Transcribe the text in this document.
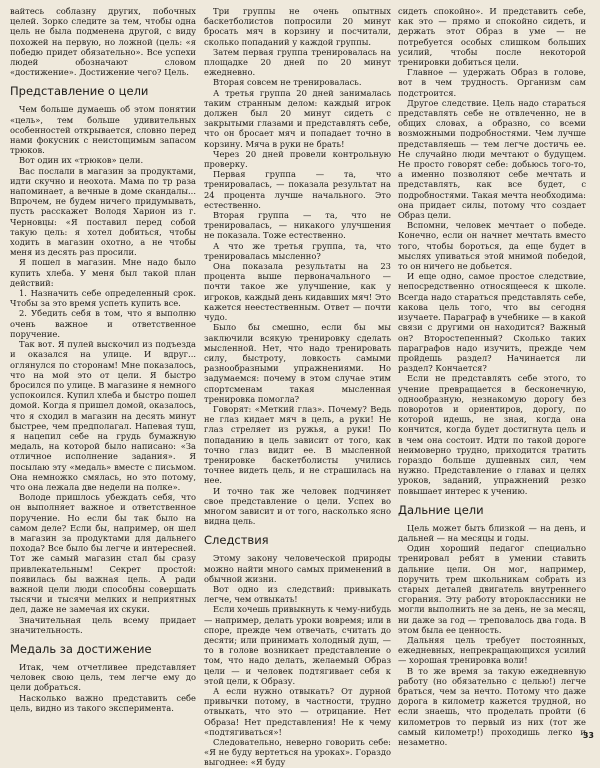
вайтесь соблазну других, побочных целей. Зорко следите за тем, чтобы одна цель не была подменена другой, с виду похожей на первую, но ложной (цель: «я победю придет обязательно». Все успехи людей обозначают словом «достижение». Достижение чего? Цель.

Представление о цели

Чем больше думаешь об этом понятии «цель», тем больше удивительных особенностей открывается, словно перед нами фокусник с неистощимым запасом трюков.

Вот один их «трюков» цели.

Вас послали в магазин за продуктами, идти скучно и неохота. Мама по тр раза напоминает, а вечные в доме скандалы... Впрочем, не будем ничего придумывать, пусть расскажет Володя Харион из г. Черновцы: «Я поставил перед собой такую цель: я хотел добиться, чтобы ходить в магазин охотно, а не чтобы меня из десять раз просили.

Я пошел в магазин. Мне надо было купить хлеба. У меня был такой план действий:

1. Назначить себе определенный срок. Чтобы за это время успеть купить все.

2. Убедить себя в том, что я выполню очень важное и ответственное поручение.

Так вот. Я пулей выскочил из подъезда и оказался на улице. И вдруг... оглянулся по сторонам! Мне показалось, что на мой это от цели. Я быстро бросился по улице. В магазине я немного успокоился. Купил хлеба и быстро пошел домой. Когда я пришел домой, оказалось, что я сходил в магазин на десять минут быстрее, чем предполагал. Напевая туш, я нацепил себе на грудь бумажную медаль, на которой было написано: «За отличное исполнение задания». Я посылаю эту «медаль» вместе с письмом. Она немножко смялась, но это потому, что она лежала две недели на полке».

Володе пришлось убеждать себя, что он выполняет важное и ответственное поручение. Но если бы так было на самом деле? Если бы, например, он шел в магазин за продуктами для дальнего похода? Все было бы легче и интересней. Тот же самый магазин стал бы сразу привлекательным! Секрет простой: появилась бы важная цель. А ради важной цели люди способны совершать тысячи и тысячи мелких и неприятных дел, даже не замечая их скуки.

Значительная цель всему придает значительность.

Медаль за достижение

Итак, чем отчетливее представляет человек свою цель, тем легче ему до цели добраться.

Насколько важно представить себе цель, видно из такого эксперимента.

Три группы не очень опытных баскетболистов попросили 20 минут бросать мяч в корзину и посчитали, сколько попаданий у каждой группы.

Затем первая группа тренировалась на площадке 20 дней по 20 минут ежедневно.

Вторая совсем не тренировалась.

А третья группа 20 дней занималась таким странным делом: каждый игрок должен был 20 минут сидеть с закрытыми глазами и представлять себе, что он бросает мяч и попадает точно в корзину. Мяча в руки не брать!

Через 20 дней провели контрольную проверку.

Первая группа — та, что тренировалась, — показала результат на 24 процента лучше начального. Это естественно.

Вторая группа — та, что не тренировалась, — никакого улучшения не показала. Тоже естественно.

А что же третья группа, та, что тренировалась мысленно?

Она показала результаты на 23 процента выше первоначального — почти такое же улучшение, как у игроков, каждый день кидавших мяч! Это кажется неестественным. Ответ — почти чудо.

Было бы смешно, если бы мы заключили всякую тренировку сделать мысленной. Нет, что надо тренировать силу, быстроту, ловкость самыми разнообразными упражнениями. Но задумаемся: почему в этом случае этим спортсменам такая мысленная тренировка помогла?

Говорят: «Меткий глаз». Почему? Ведь не глаз кидает мяч в цель, а руки! Не глаз стреляет из ружья, а руки! По попаданию в цель зависит от того, как точно глаз видит ее. В мысленной тренировке баскетболисты учились точнее видеть цель, и не страшилась на нее.

И точно так же человек подчиняет свое представление о цели. Успех во многом зависит и от того, насколько ясно видна цель.

Следствия

Этому закону человеческой природы можно найти много самых применений в обычной жизни.

Вот одно из следствий: привыкать легче, чем отвыкать!

Если хочешь привыкнуть к чему-нибудь — например, делать уроки вовремя; или в споре, прежде чем отвечать, считать до десяти; или принимать холодный душ, — то в голове возникает представление о том, что надо делать, желаемый Образ цели — и человек подтягивает себя к этой цели, к Образу.

А если нужно отвыкать? От дурной привычки потому, в частности, трудно отвыкать, что это — отрицание. Нет Образа! Нет представления! Не к чему «подтягиваться»!

Следовательно, неверно говорить себе: «Я не буду вертеться на уроках». Гораздо выгоднее: «Я буду

сидеть спокойно». И представить себе, как это — прямо и спокойно сидеть, и держать этот Образ в уме — не потребуется особых слишком больших усилий, чтобы после некоторой тренировки добиться цели.

Главное — удержать Образ в голове, вот в чем трудность. Организм сам подстроится.

Другое следствие. Цель надо стараться представлять себе не отвлеченно, не в общих словах, а образно, со всеми возможными подробностями. Чем лучше представляешь — тем легче достичь ее. Не случайно люди мечтают о будущем. Не просто говорят себе: добьюсь того-то, а именно позволяют себе мечтать и представлять, как все будет, с подробностями. Такая мечта необходима: она придает силы, потому что создает Образ цели.

Вспомни, человек мечтает о победе. Конечно, если он начнет мечтать вместо того, чтобы бороться, да еще будет в мыслях упиваться этой мнимой победой, то он ничего не добьется.

И еще одно, самое простое следствие, непосредственно относящееся к школе. Всегда надо стараться представлять себе, какова цель того, что вы сегодня изучаете. Параграф в учебнике — в какой связи с другими он находится? Важный он? Второстепенный? Сколько таких параграфов надо изучить, прежде чем пройдешь раздел? Начинается ли раздел? Кончается?

Если не представлять себе этого, то учение превращается в бесконечную, однообразную, незнакомую дорогу без поворотов и ориентиров, дорогу, по которой идешь, не зная, когда она кончится, когда будет достигнута цель и в чем она состоит. Идти по такой дороге неимоверно трудно, приходится тратить гораздо больше душевных сил, чем нужно. Представление о главах и целях уроков, заданий, упражнений резко повышает интерес к учению.

Дальние цели

Цель может быть близкой — на день, и дальней — на месяцы и годы.

Один хороший педагог специально тренировал ребят в умении ставить дальние цели. Он мог, например, поручить трем школьникам собрать из старых деталей двигатель внутреннего сгорания. Эту работу второклассники не могли выполнить не за день, не за месяц, ни даже за год — треповалось два года. В этом была ее ценность.

Дальняя цель требует постоянных, ежедневных, непрекращающихся усилий — хорошая тренировка воли!

В то же время за такую ежедневную работу (но обязательно с целью!) легче браться, чем за нечто. Потому что даже дорога в километр кажется трудной, но если знаешь, что проделать пройти (6 километров то первый из них (тот же самый километр!) проходишь легко и незаметно.

33
